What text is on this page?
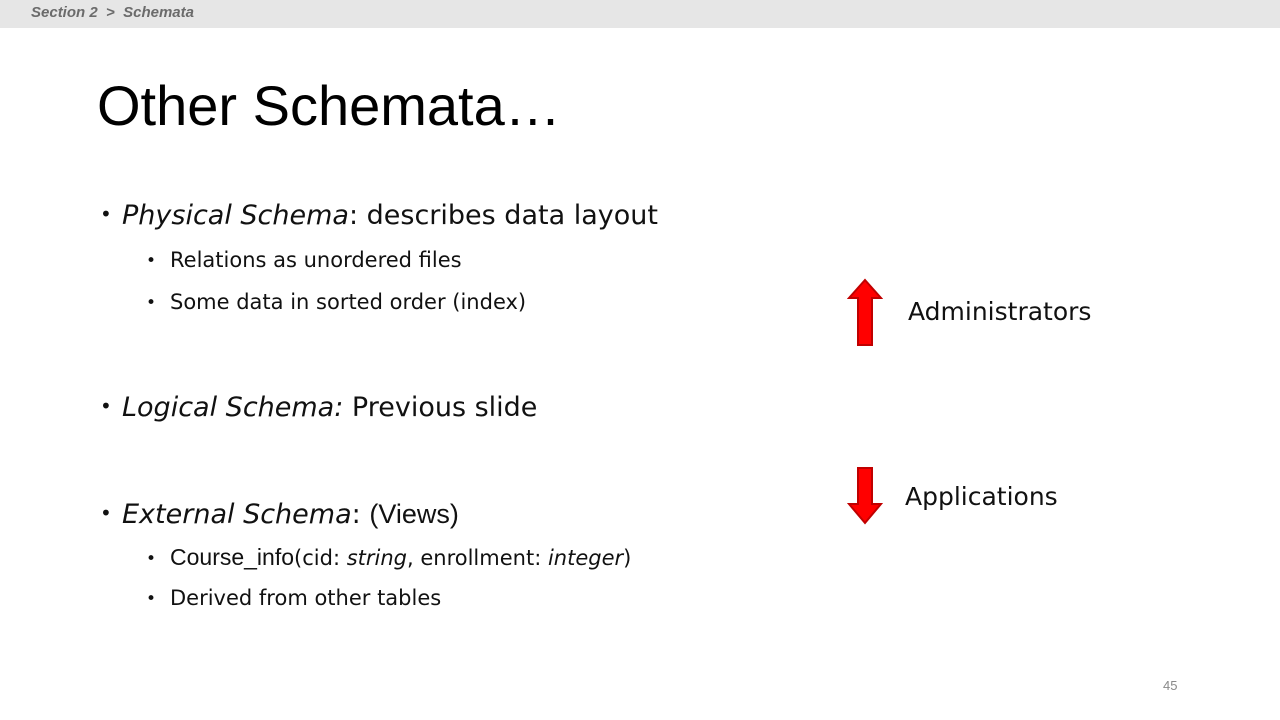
Section 2  >  Schemata
Other Schemata…
• Physical Schema: describes data layout
• Relations as unordered files
• Some data in sorted order (index)
• Logical Schema: Previous slide
• External Schema: (Views)
• Course_info(cid: string, enrollment: integer)
• Derived from other tables
Administrators
Applications
45
